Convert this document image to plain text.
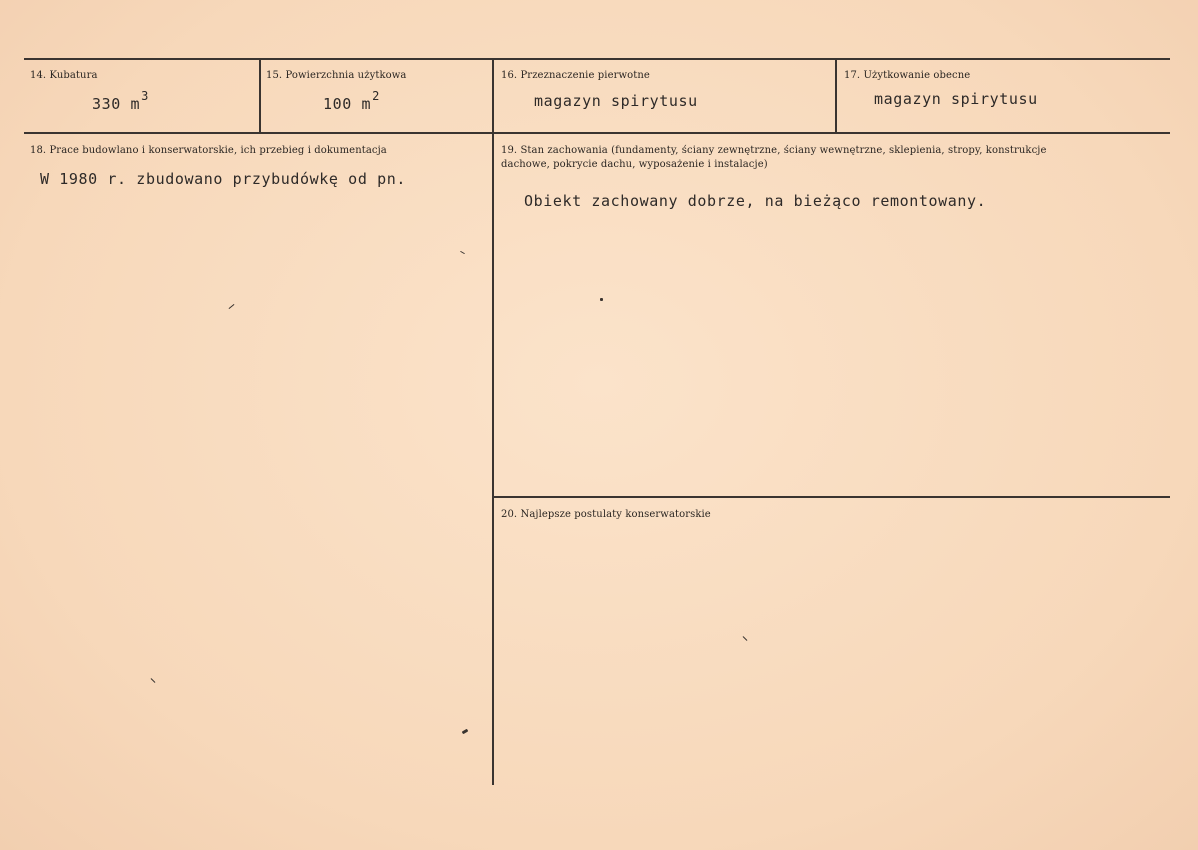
14. Kubatura
330 $m^3$
15. Powierzchnia użytkowa
100 $m^2$
16. Przeznaczenie pierwotne
magazyn spirytusu
17. Użytkowanie obecne
magazyn spirytusu
18. Prace budowlano i konserwatorskie, ich przebieg i dokumentacja
W 1980 r. zbudowano przybudówkę od pn.
19. Stan zachowania (fundamenty, ściany zewnętrzne, ściany wewnętrzne, sklepienia, stropy, konstrukcje
dachowe, pokrycie dachu, wyposażenie i instalacje)
Obiekt zachowany dobrze, na bieżąco remontowany.
20. Najlepsze postulaty konserwatorskie
